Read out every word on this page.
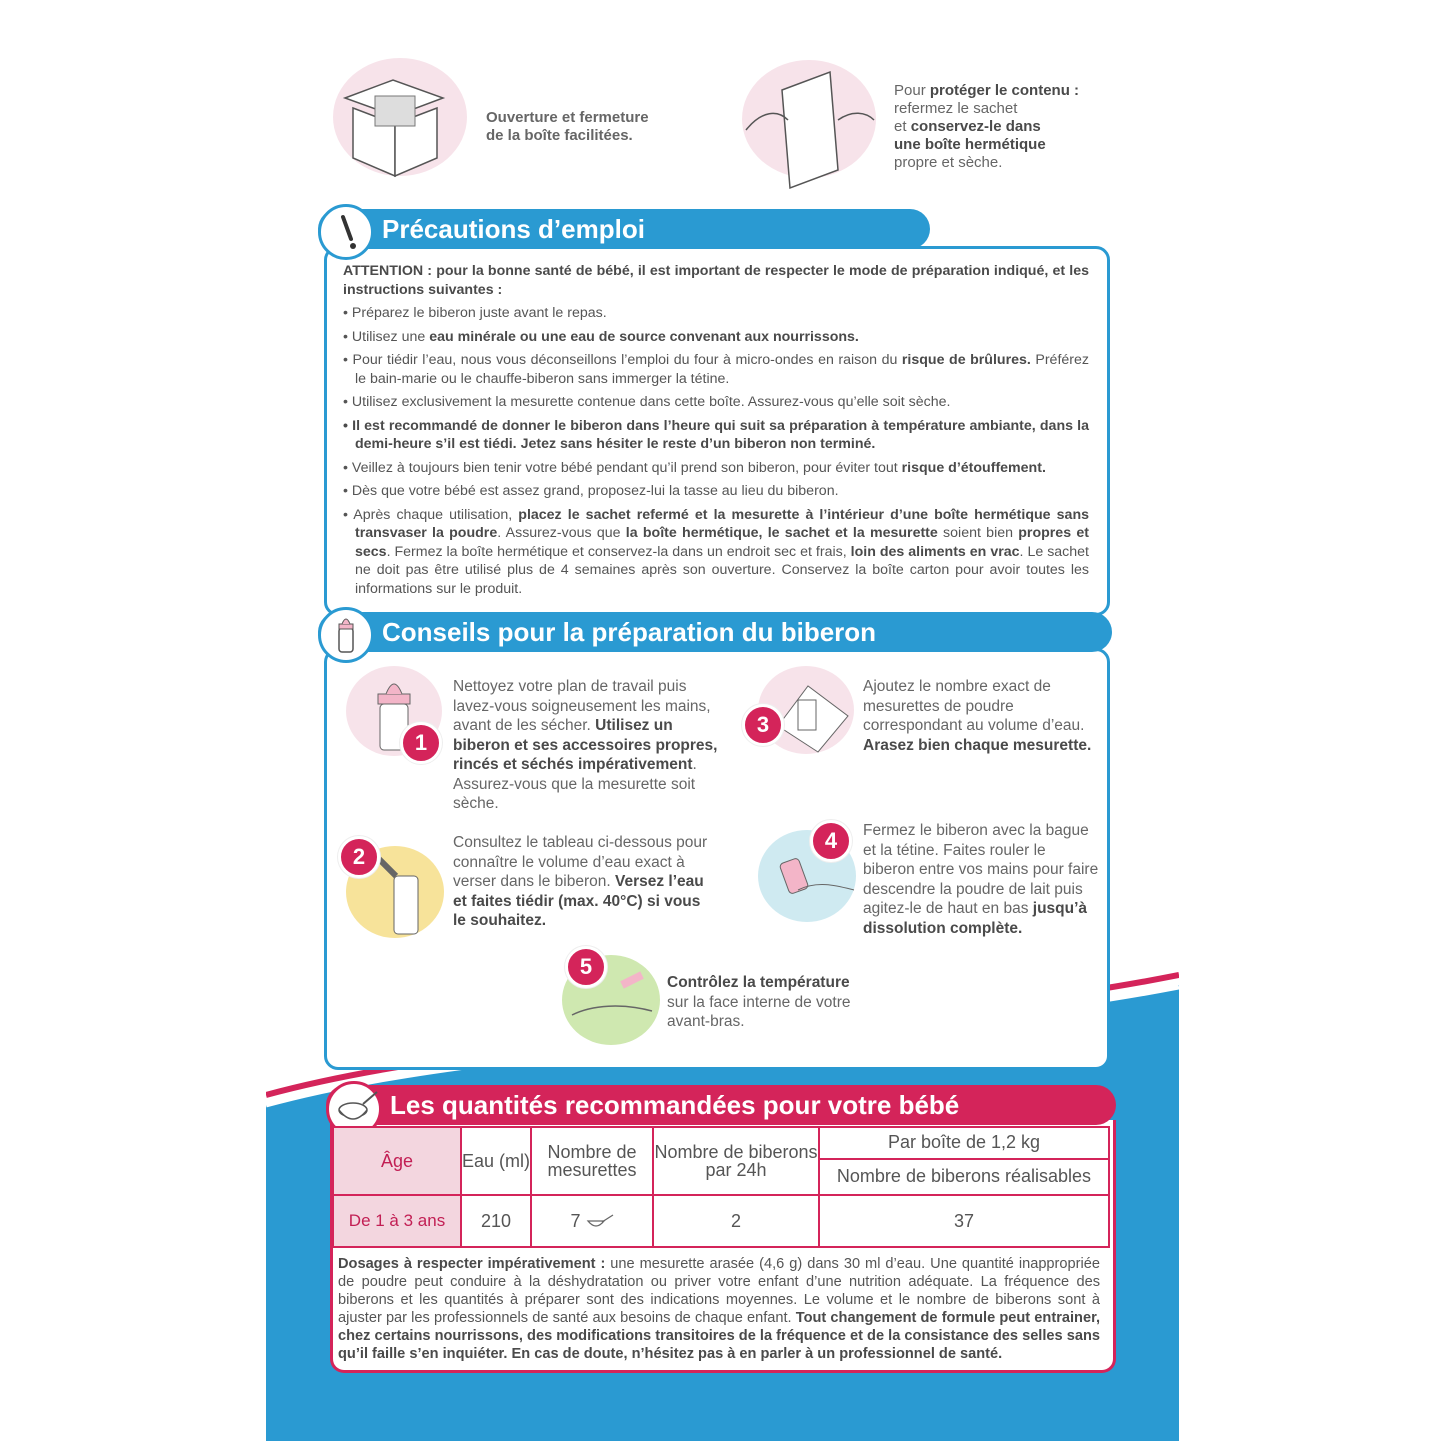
Ouverture et fermeture
de la boîte facilitées.
Pour protéger le contenu :
refermez le sachet
et conservez-le dans
une boîte hermétique
propre et sèche.
Précautions d’emploi

ATTENTION : pour la bonne santé de bébé, il est important de respecter le mode de préparation indiqué, et les instructions suivantes :

• Préparez le biberon juste avant le repas.

• Utilisez une eau minérale ou une eau de source convenant aux nourrissons.

• Pour tiédir l’eau, nous vous déconseillons l’emploi du four à micro-ondes en raison du risque de brûlures. Préférez le bain-marie ou le chauffe-biberon sans immerger la tétine.

• Utilisez exclusivement la mesurette contenue dans cette boîte. Assurez-vous qu’elle soit sèche.

• Il est recommandé de donner le biberon dans l’heure qui suit sa préparation à température ambiante, dans la demi-heure s’il est tiédi. Jetez sans hésiter le reste d’un biberon non terminé.

• Veillez à toujours bien tenir votre bébé pendant qu’il prend son biberon, pour éviter tout risque d’étouffement.

• Dès que votre bébé est assez grand, proposez-lui la tasse au lieu du biberon.

• Après chaque utilisation, placez le sachet refermé et la mesurette à l’intérieur d’une boîte hermétique sans transvaser la poudre. Assurez-vous que la boîte hermétique, le sachet et la mesurette soient bien propres et secs. Fermez la boîte hermétique et conservez-la dans un endroit sec et frais, loin des aliments en vrac. Le sachet ne doit pas être utilisé plus de 4 semaines après son ouverture. Conservez la boîte carton pour avoir toutes les informations sur le produit.

Conseils pour la préparation du biberon
1
Nettoyez votre plan de travail puis lavez-vous soigneusement les mains, avant de les sécher. Utilisez un biberon et ses accessoires propres, rincés et séchés impérativement. Assurez-vous que la mesurette soit sèche.
3
Ajoutez le nombre exact de mesurettes de poudre correspondant au volume d’eau. Arasez bien chaque mesurette.
2
Consultez le tableau ci-dessous pour connaître le volume d’eau exact à verser dans le biberon. Versez l’eau et faites tiédir (max. 40°C) si vous le souhaitez.
4	Fermez le biberon avec la bague et la tétine. Faites rouler le biberon entre vos mains pour faire descendre la poudre de lait puis agitez-le de haut en bas jusqu’à dissolution complète.
5
Contrôlez la température sur la face interne de votre avant-bras.
Les quantités recommandées pour votre bébé
Âge	Eau (ml)	Nombre de mesurettes	Nombre de biberons par 24h	Par boîte de 1,2 kg
				Nombre de biberons réalisables
De 1 à 3 ans	210	7	2	37
Dosages à respecter impérativement : une mesurette arasée (4,6 g) dans 30 ml d’eau. Une quantité inappropriée de poudre peut conduire à la déshydratation ou priver votre enfant d’une nutrition adéquate. La fréquence des biberons et les quantités à préparer sont des indications moyennes. Le volume et le nombre de biberons sont à ajuster par les professionnels de santé aux besoins de chaque enfant. Tout changement de formule peut entrainer, chez certains nourrissons, des modifications transitoires de la fréquence et de la consistance des selles sans qu’il faille s’en inquiéter. En cas de doute, n’hésitez pas à en parler à un professionnel de santé.
